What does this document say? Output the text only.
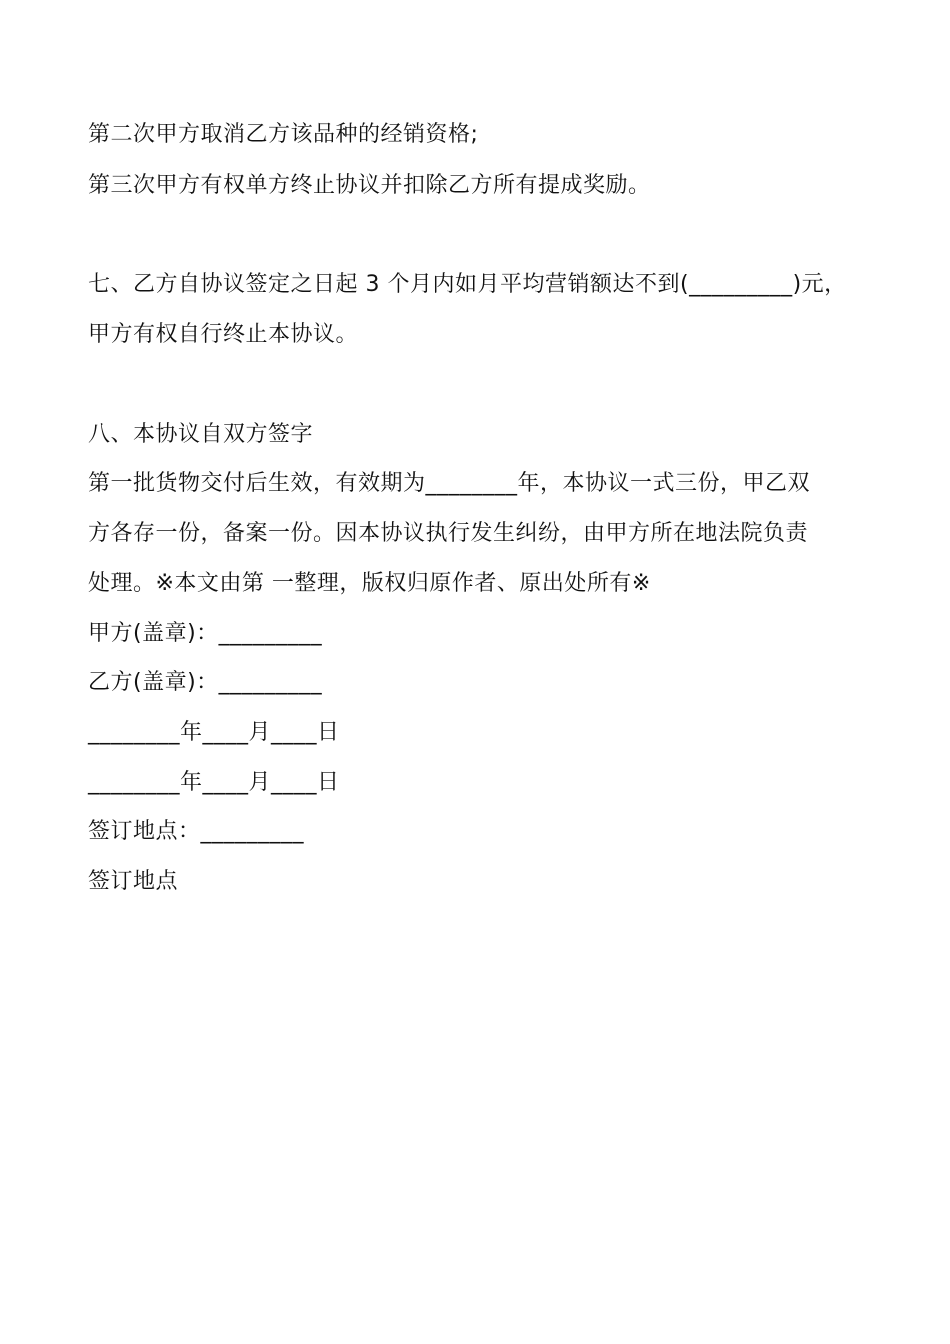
第二次甲方取消乙方该品种的经销资格;
第三次甲方有权单方终止协议并扣除乙方所有提成奖励。
七、乙方自协议签定之日起 3 个月内如月平均营销额达不到(_________)元，
甲方有权自行终止本协议。
八、本协议自双方签字
第一批货物交付后生效，有效期为________年，本协议一式三份，甲乙双
方各存一份，备案一份。因本协议执行发生纠纷，由甲方所在地法院负责
处理。※本文由第 一整理，版权归原作者、原出处所有※
甲方(盖章)：_________
乙方(盖章)：_________
________年____月____日
________年____月____日
签订地点：_________
签订地点
